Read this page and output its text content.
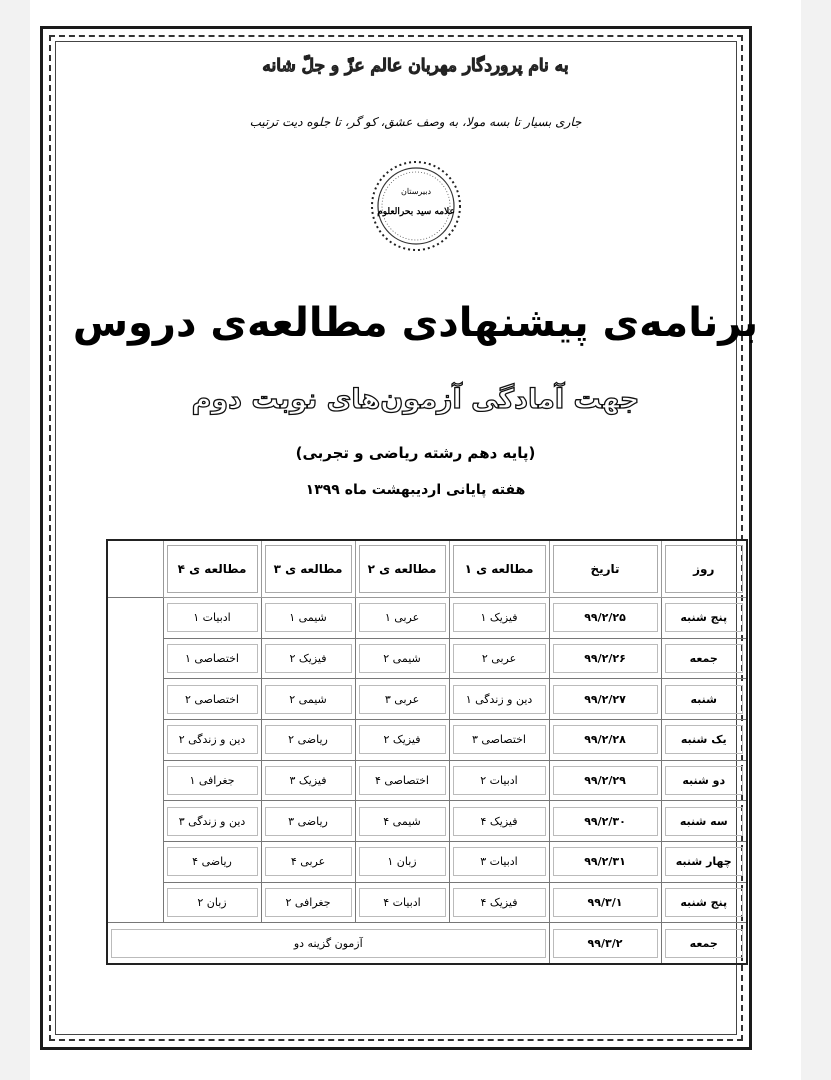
به نام پروردگار مهربان عالم عزّ و جلّ شانه
جاری بسیار تا بسه مولا، به وصف عشق، کو گر، تا جلوه دیت ترتیب
دبیرستان
علامه سید بحرالعلوم
برنامه‌ی پیشنهادی مطالعه‌ی دروس
جهت آمادگی آزمون‌های نوبت دوم
(پایه دهم رشته ریاضی و تجربی)
هفته پایانی اردیبهشت ماه ۱۳۹۹
روز	تاریخ	مطالعه ی ۱	مطالعه ی ۲	مطالعه ی ۳	مطالعه ی ۴

پنج شنبه	۹۹/۲/۲۵	فیزیک ۱	عربی ۱	شیمی ۱	ادبیات ۱	

جمعه	۹۹/۲/۲۶	عربی ۲	شیمی ۲	فیزیک ۲	اختصاصی ۱	

شنبه	۹۹/۲/۲۷	دین و زندگی ۱	عربی ۳	شیمی ۲	اختصاصی ۲	

یک شنبه	۹۹/۲/۲۸	اختصاصی ۳	فیزیک ۲	ریاضی ۲	دین و زندگی ۲	

دو شنبه	۹۹/۲/۲۹	ادبیات ۲	اختصاصی ۴	فیزیک ۳	جغرافی ۱	

سه شنبه	۹۹/۲/۳۰	فیزیک ۴	شیمی ۴	ریاضی ۳	دین و زندگی ۳	

چهار شنبه	۹۹/۲/۳۱	ادبیات ۳	زبان ۱	عربی ۴	ریاضی ۴	

پنج شنبه	۹۹/۳/۱	فیزیک ۴	ادبیات ۴	جغرافی ۲	زبان ۲	

جمعه	۹۹/۳/۲	آزمون گزینه دو				
